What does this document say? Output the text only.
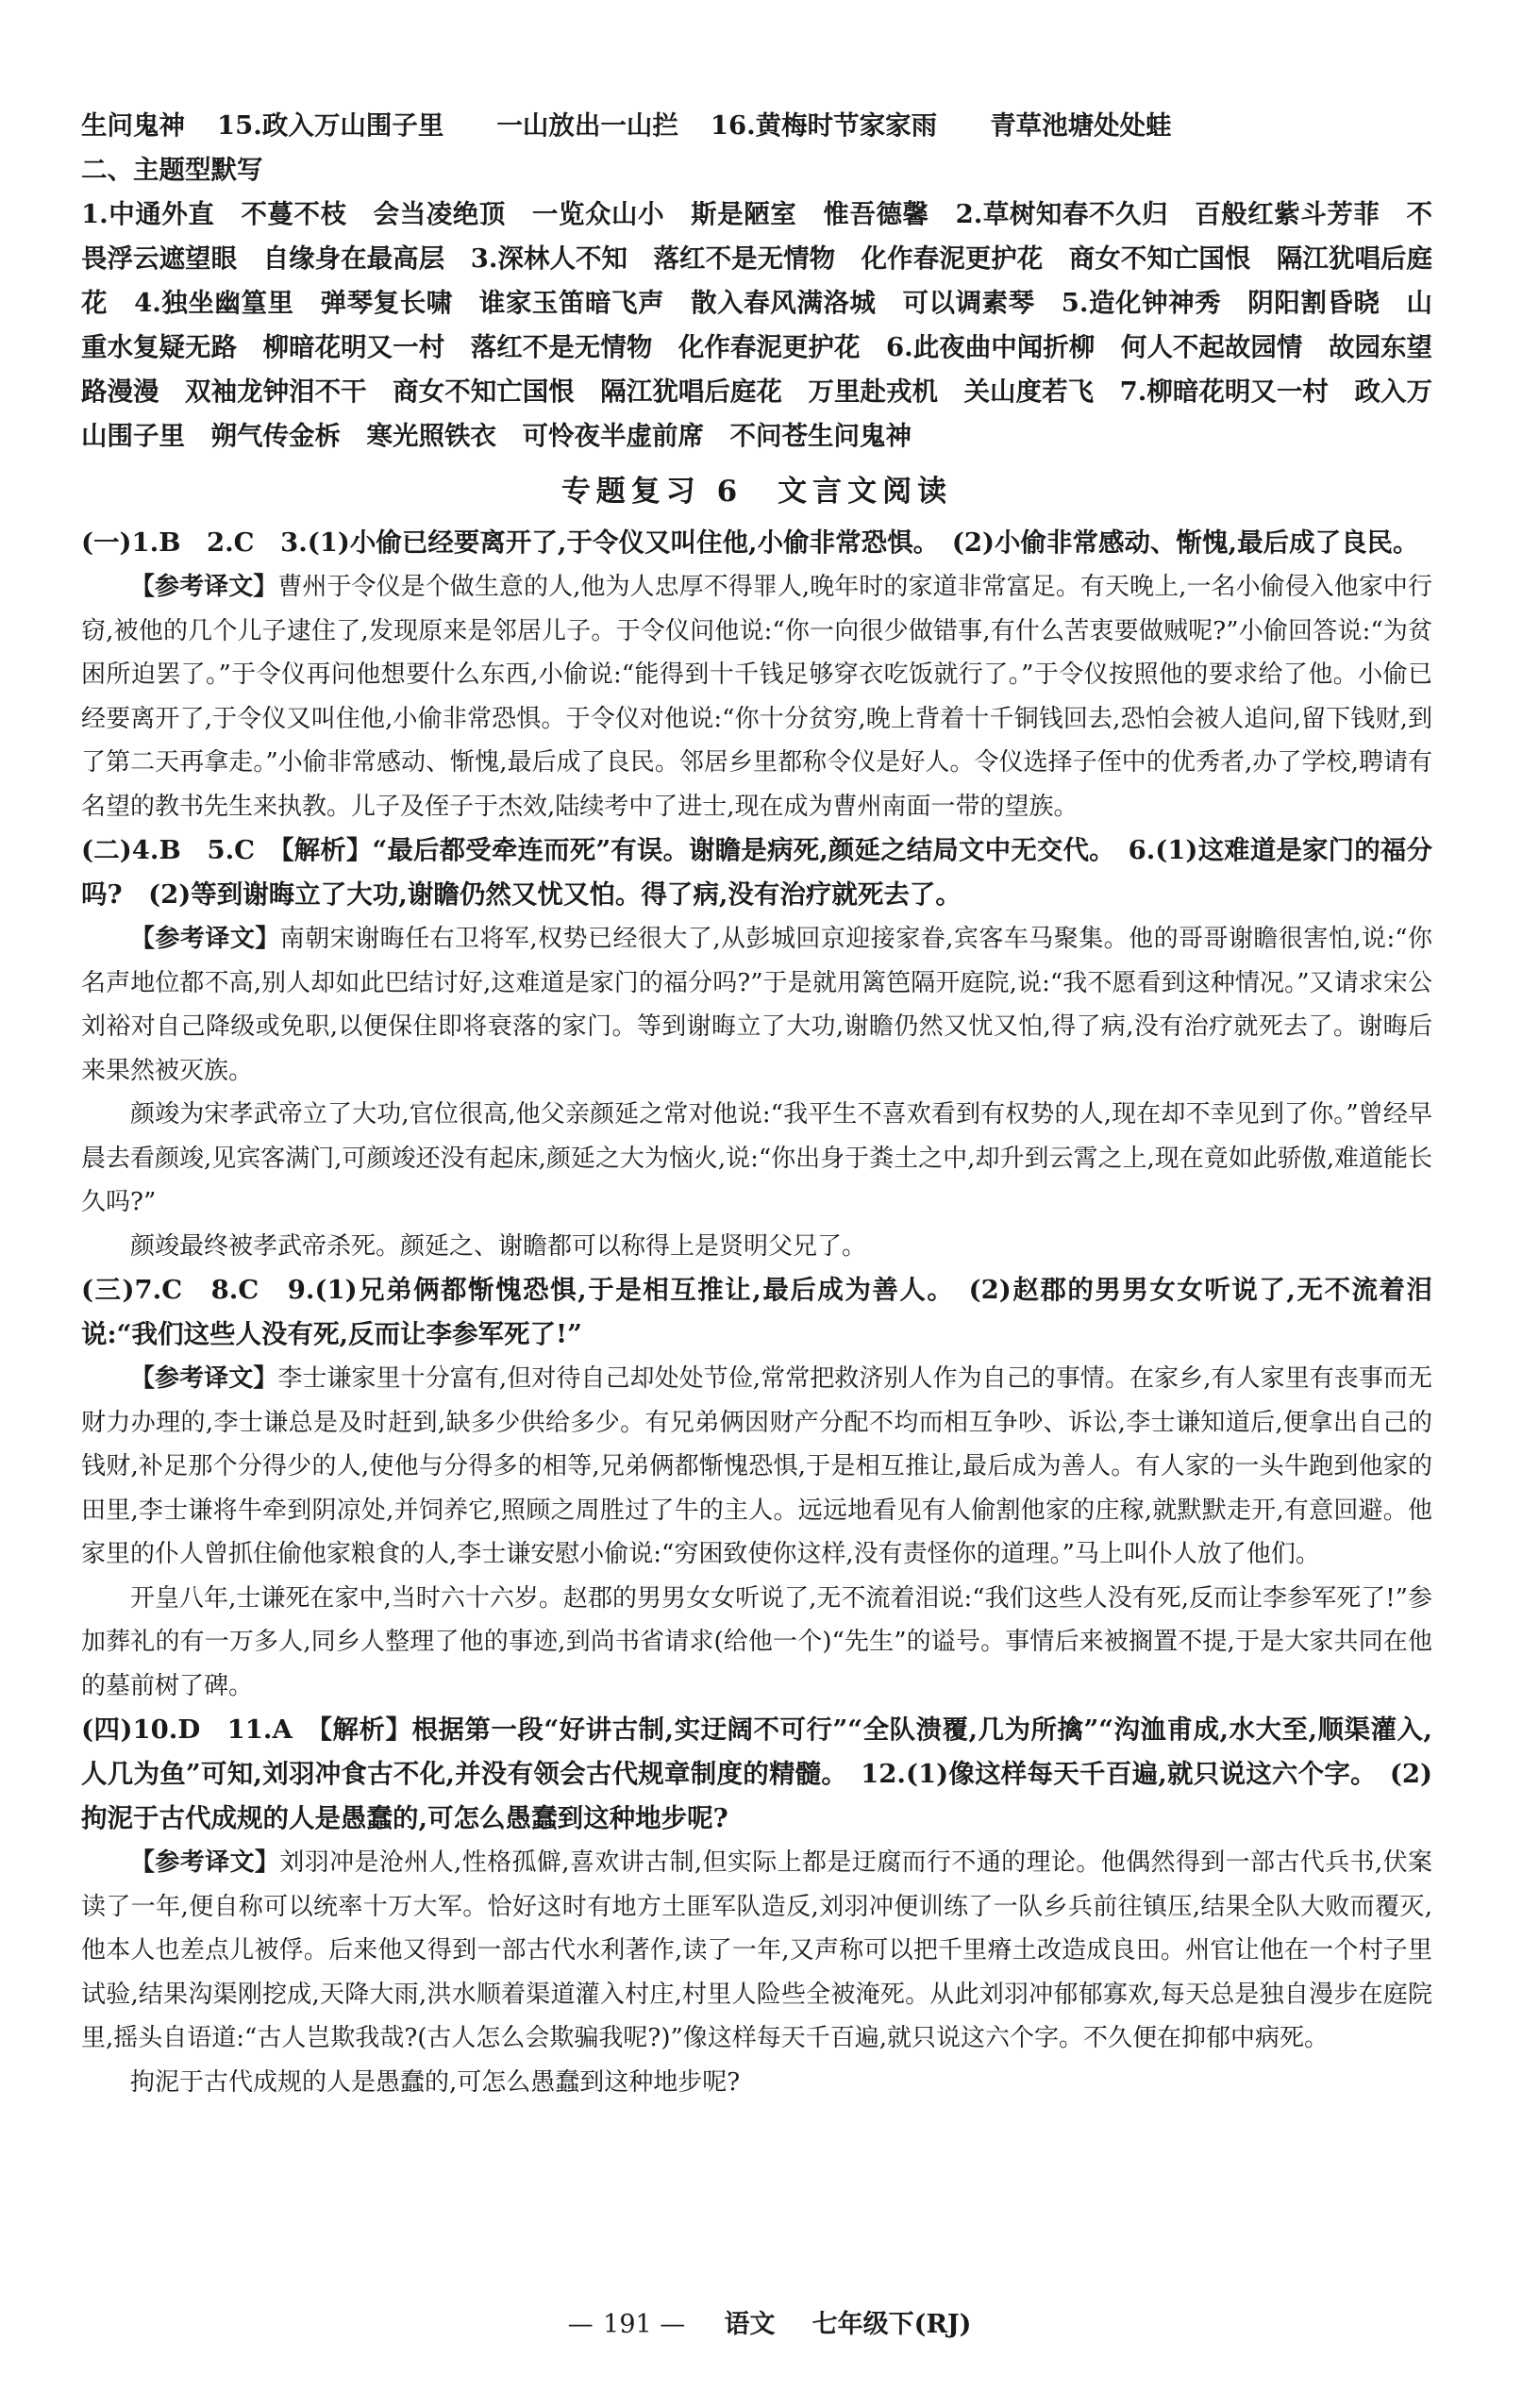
生问鬼神 15.政入万山围子里 一山放出一山拦 16.黄梅时节家家雨 青草池塘处处蛙

二、主题型默写

1.中通外直　不蔓不枝　会当凌绝顶　一览众山小　斯是陋室　惟吾德馨　2.草树知春不久归　百般红紫斗芳菲　不畏浮云遮望眼　自缘身在最高层　3.深林人不知　落红不是无情物　化作春泥更护花　商女不知亡国恨　隔江犹唱后庭花　4.独坐幽篁里　弹琴复长啸　谁家玉笛暗飞声　散入春风满洛城　可以调素琴　5.造化钟神秀　阴阳割昏晓　山重水复疑无路　柳暗花明又一村　落红不是无情物　化作春泥更护花　6.此夜曲中闻折柳　何人不起故园情　故园东望路漫漫　双袖龙钟泪不干　商女不知亡国恨　隔江犹唱后庭花　万里赴戎机　关山度若飞　7.柳暗花明又一村　政入万山围子里　朔气传金柝　寒光照铁衣　可怜夜半虚前席　不问苍生问鬼神

专题复习 6　文言文阅读

(一)1.B　2.C　3.(1)小偷已经要离开了,于令仪又叫住他,小偷非常恐惧。　(2)小偷非常感动、惭愧,最后成了良民。

【参考译文】曹州于令仪是个做生意的人,他为人忠厚不得罪人,晚年时的家道非常富足。有天晚上,一名小偷侵入他家中行窃,被他的几个儿子逮住了,发现原来是邻居儿子。于令仪问他说:“你一向很少做错事,有什么苦衷要做贼呢?”小偷回答说:“为贫困所迫罢了。”于令仪再问他想要什么东西,小偷说:“能得到十千钱足够穿衣吃饭就行了。”于令仪按照他的要求给了他。小偷已经要离开了,于令仪又叫住他,小偷非常恐惧。于令仪对他说:“你十分贫穷,晚上背着十千铜钱回去,恐怕会被人追问,留下钱财,到了第二天再拿走。”小偷非常感动、惭愧,最后成了良民。邻居乡里都称令仪是好人。令仪选择子侄中的优秀者,办了学校,聘请有名望的教书先生来执教。儿子及侄子于杰效,陆续考中了进士,现在成为曹州南面一带的望族。

(二)4.B　5.C　【解析】“最后都受牵连而死”有误。谢瞻是病死,颜延之结局文中无交代。　6.(1)这难道是家门的福分吗?　(2)等到谢晦立了大功,谢瞻仍然又忧又怕。得了病,没有治疗就死去了。

【参考译文】南朝宋谢晦任右卫将军,权势已经很大了,从彭城回京迎接家眷,宾客车马聚集。他的哥哥谢瞻很害怕,说:“你名声地位都不高,别人却如此巴结讨好,这难道是家门的福分吗?”于是就用篱笆隔开庭院,说:“我不愿看到这种情况。”又请求宋公刘裕对自己降级或免职,以便保住即将衰落的家门。等到谢晦立了大功,谢瞻仍然又忧又怕,得了病,没有治疗就死去了。谢晦后来果然被灭族。

颜竣为宋孝武帝立了大功,官位很高,他父亲颜延之常对他说:“我平生不喜欢看到有权势的人,现在却不幸见到了你。”曾经早晨去看颜竣,见宾客满门,可颜竣还没有起床,颜延之大为恼火,说:“你出身于粪土之中,却升到云霄之上,现在竟如此骄傲,难道能长久吗?”

颜竣最终被孝武帝杀死。颜延之、谢瞻都可以称得上是贤明父兄了。

(三)7.C　8.C　9.(1)兄弟俩都惭愧恐惧,于是相互推让,最后成为善人。　(2)赵郡的男男女女听说了,无不流着泪说:“我们这些人没有死,反而让李参军死了!”

【参考译文】李士谦家里十分富有,但对待自己却处处节俭,常常把救济别人作为自己的事情。在家乡,有人家里有丧事而无财力办理的,李士谦总是及时赶到,缺多少供给多少。有兄弟俩因财产分配不均而相互争吵、诉讼,李士谦知道后,便拿出自己的钱财,补足那个分得少的人,使他与分得多的相等,兄弟俩都惭愧恐惧,于是相互推让,最后成为善人。有人家的一头牛跑到他家的田里,李士谦将牛牵到阴凉处,并饲养它,照顾之周胜过了牛的主人。远远地看见有人偷割他家的庄稼,就默默走开,有意回避。他家里的仆人曾抓住偷他家粮食的人,李士谦安慰小偷说:“穷困致使你这样,没有责怪你的道理。”马上叫仆人放了他们。

开皇八年,士谦死在家中,当时六十六岁。赵郡的男男女女听说了,无不流着泪说:“我们这些人没有死,反而让李参军死了!”参加葬礼的有一万多人,同乡人整理了他的事迹,到尚书省请求(给他一个)“先生”的谥号。事情后来被搁置不提,于是大家共同在他的墓前树了碑。

(四)10.D　11.A　【解析】根据第一段“好讲古制,实迂阔不可行”“全队溃覆,几为所擒”“沟洫甫成,水大至,顺渠灌入,人几为鱼”可知,刘羽冲食古不化,并没有领会古代规章制度的精髓。　12.(1)像这样每天千百遍,就只说这六个字。　(2)拘泥于古代成规的人是愚蠢的,可怎么愚蠢到这种地步呢?

【参考译文】刘羽冲是沧州人,性格孤僻,喜欢讲古制,但实际上都是迂腐而行不通的理论。他偶然得到一部古代兵书,伏案读了一年,便自称可以统率十万大军。恰好这时有地方土匪军队造反,刘羽冲便训练了一队乡兵前往镇压,结果全队大败而覆灭,他本人也差点儿被俘。后来他又得到一部古代水利著作,读了一年,又声称可以把千里瘠土改造成良田。州官让他在一个村子里试验,结果沟渠刚挖成,天降大雨,洪水顺着渠道灌入村庄,村里人险些全被淹死。从此刘羽冲郁郁寡欢,每天总是独自漫步在庭院里,摇头自语道:“古人岂欺我哉?(古人怎么会欺骗我呢?)”像这样每天千百遍,就只说这六个字。不久便在抑郁中病死。

拘泥于古代成规的人是愚蠢的,可怎么愚蠢到这种地步呢?

— 191 — 语文 七年级下(RJ)
